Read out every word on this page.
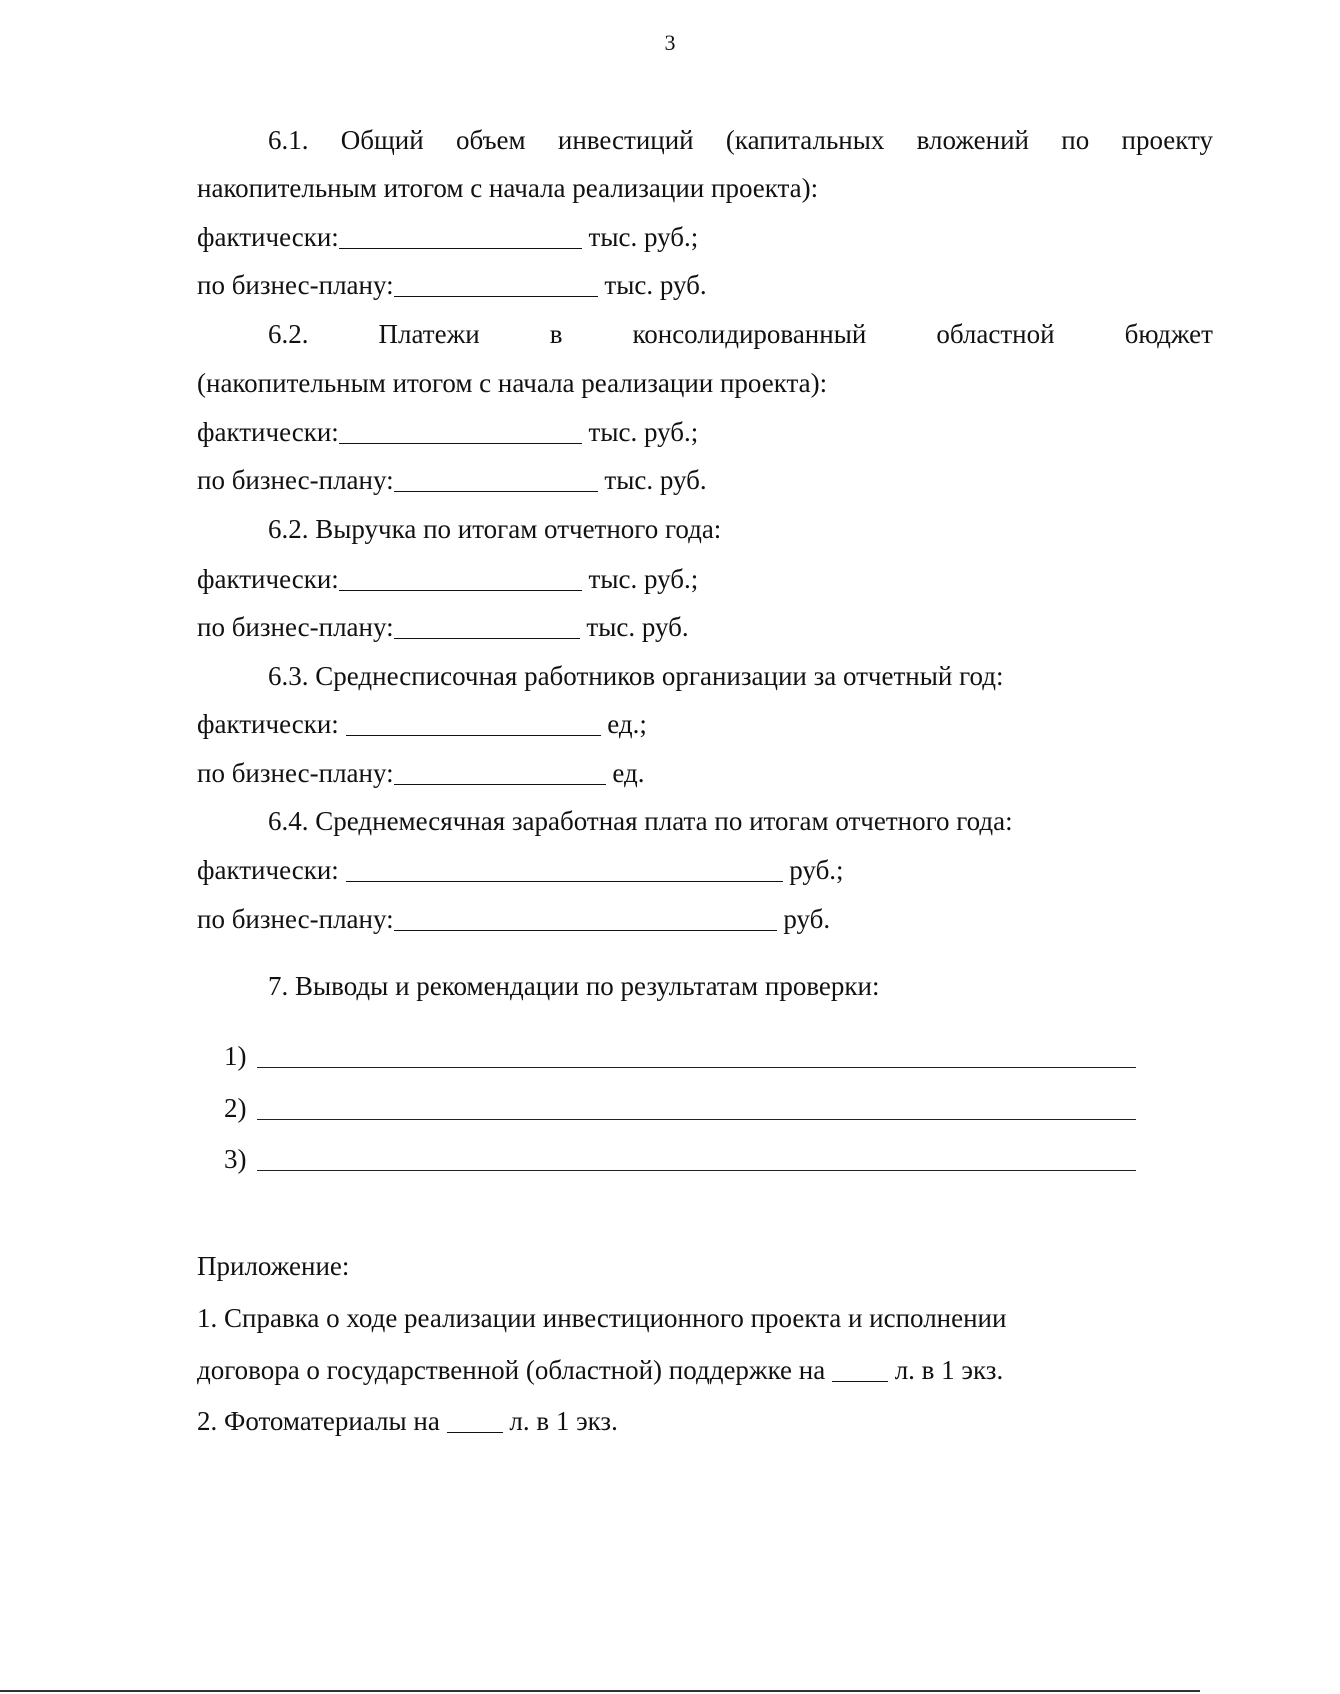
3
6.1. Общий объем инвестиций (капитальных вложений по проекту
накопительным итогом с начала реализации проекта):
фактически:	тыс. руб.;
по бизнес-плану:	тыс. руб.
6.2.	Платежи	в	консолидированный	областной	бюджет
(накопительным итогом с начала реализации проекта):
фактически:	тыс. руб.;
по бизнес-плану:	тыс. руб.
6.2. Выручка по итогам отчетного года:
фактически:	тыс. руб.;
по бизнес-плану:	тыс. руб.
6.3. Среднесписочная работников организации за отчетный год:
фактически:	ед.;
по бизнес-плану:	ед.
6.4. Среднемесячная заработная плата по итогам отчетного года:
фактически:	руб.;
по бизнес-плану:	руб.
7. Выводы и рекомендации по результатам проверки:
1)
2)
3)
Приложение:
1. Справка о ходе реализации инвестиционного проекта и исполнении
договора о государственной (областной) поддержке на	л. в 1 экз.
2. Фотоматериалы на	л. в 1 экз.
